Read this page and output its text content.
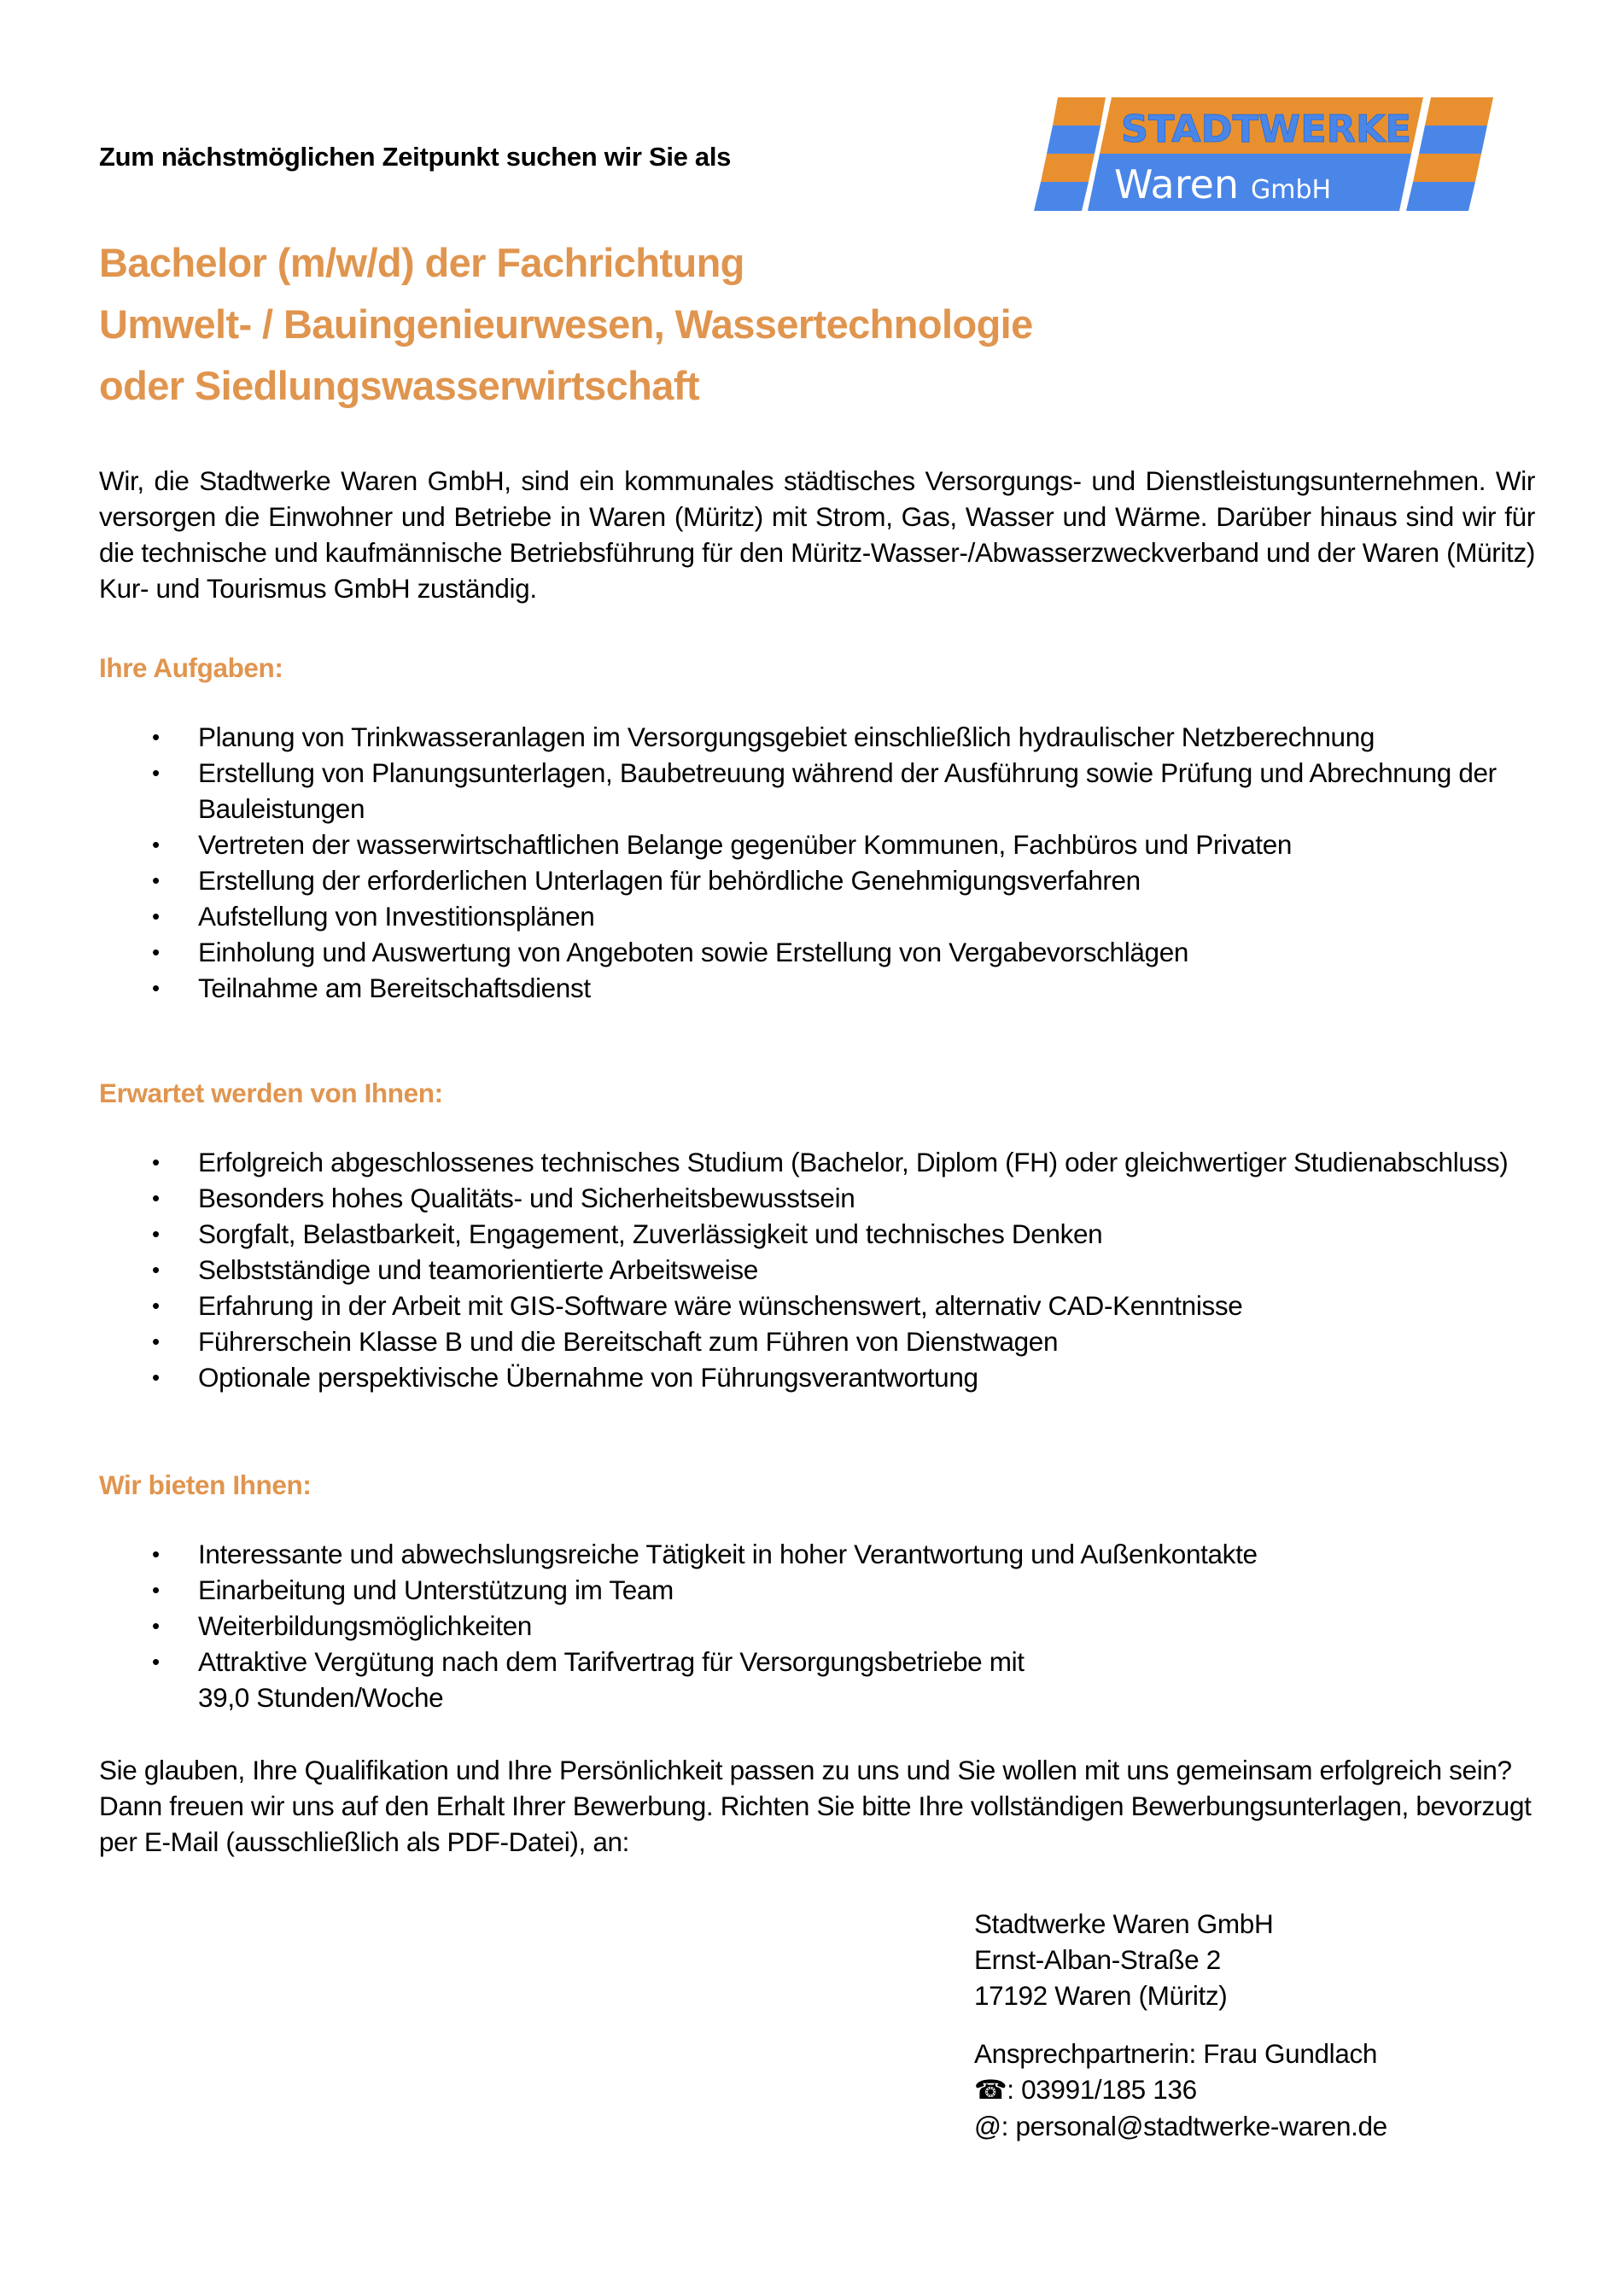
Zum nächstmöglichen Zeitpunkt suchen wir Sie als
STADTWERKE
Waren GmbH
Bachelor (m/w/d) der Fachrichtung
Umwelt- / Bauingenieurwesen, Wassertechnologie
oder Siedlungswasserwirtschaft

Wir, die Stadtwerke Waren GmbH, sind ein kommunales städtisches Versorgungs- und Dienstleistungsunternehmen. Wir versorgen die Einwohner und Betriebe in Waren (Müritz) mit Strom, Gas, Wasser und Wärme. Darüber hinaus sind wir für die technische und kaufmännische Betriebsführung für den Müritz-Wasser-/Abwasserzweckverband und der Waren (Müritz) Kur- und Tourismus GmbH zuständig.

Ihre Aufgaben:
• Planung von Trinkwasseranlagen im Versorgungsgebiet einschließlich hydraulischer Netzberechnung
• Erstellung von Planungsunterlagen, Baubetreuung während der Ausführung sowie Prüfung und Abrechnung der Bauleistungen
• Vertreten der wasserwirtschaftlichen Belange gegenüber Kommunen, Fachbüros und Privaten
• Erstellung der erforderlichen Unterlagen für behördliche Genehmigungsverfahren
• Aufstellung von Investitionsplänen
• Einholung und Auswertung von Angeboten sowie Erstellung von Vergabevorschlägen
• Teilnahme am Bereitschaftsdienst
Erwartet werden von Ihnen:
• Erfolgreich abgeschlossenes technisches Studium (Bachelor, Diplom (FH) oder gleichwertiger Studienabschluss)
• Besonders hohes Qualitäts- und Sicherheitsbewusstsein
• Sorgfalt, Belastbarkeit, Engagement, Zuverlässigkeit und technisches Denken
• Selbstständige und teamorientierte Arbeitsweise
• Erfahrung in der Arbeit mit GIS-Software wäre wünschenswert, alternativ CAD-Kenntnisse
• Führerschein Klasse B und die Bereitschaft zum Führen von Dienstwagen
• Optionale perspektivische Übernahme von Führungsverantwortung
Wir bieten Ihnen:
• Interessante und abwechslungsreiche Tätigkeit in hoher Verantwortung und Außenkontakte
• Einarbeitung und Unterstützung im Team
• Weiterbildungsmöglichkeiten
• Attraktive Vergütung nach dem Tarifvertrag für Versorgungsbetriebe mit 39,0 Stunden/Woche

Sie glauben, Ihre Qualifikation und Ihre Persönlichkeit passen zu uns und Sie wollen mit uns gemeinsam erfolgreich sein? Dann freuen wir uns auf den Erhalt Ihrer Bewerbung. Richten Sie bitte Ihre vollständigen Bewerbungsunterlagen, bevorzugt per E-Mail (ausschließlich als PDF-Datei), an:

Stadtwerke Waren GmbH
Ernst-Alban-Straße 2
17192 Waren (Müritz)
Ansprechpartnerin: Frau Gundlach
☎: 03991/185 136
@: personal@stadtwerke-waren.de
